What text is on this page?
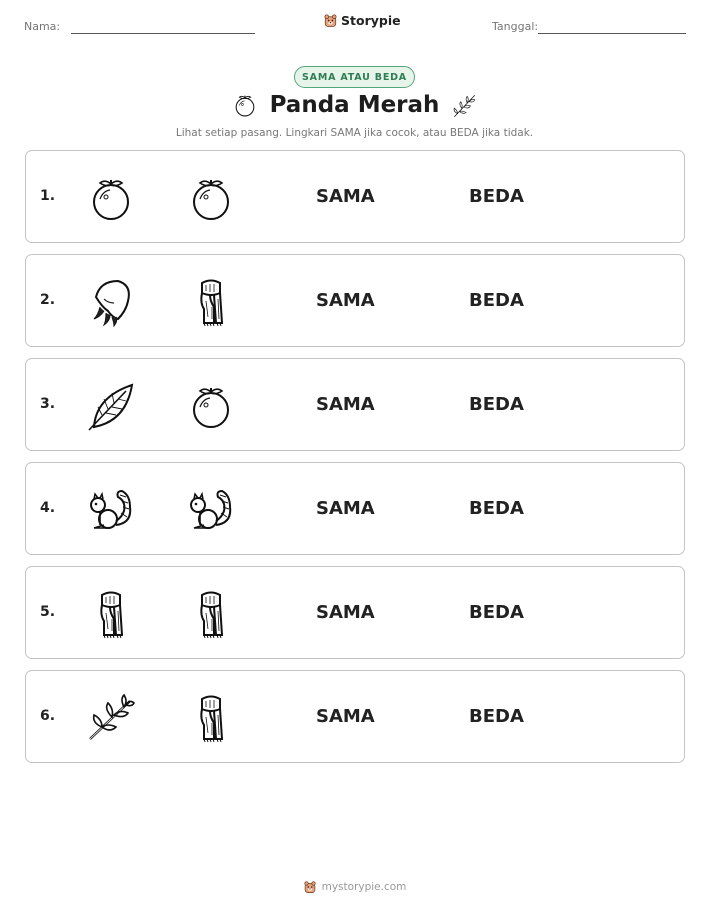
Nama:	Storypie	Tanggal:
SAMA ATAU BEDA
Panda Merah
Lihat setiap pasang. Lingkari SAMA jika cocok, atau BEDA jika tidak.
1.	SAMA	BEDA
2.	SAMA	BEDA
3.	SAMA	BEDA
4.	SAMA	BEDA
5.	SAMA	BEDA
6.	SAMA	BEDA
mystorypie.com
